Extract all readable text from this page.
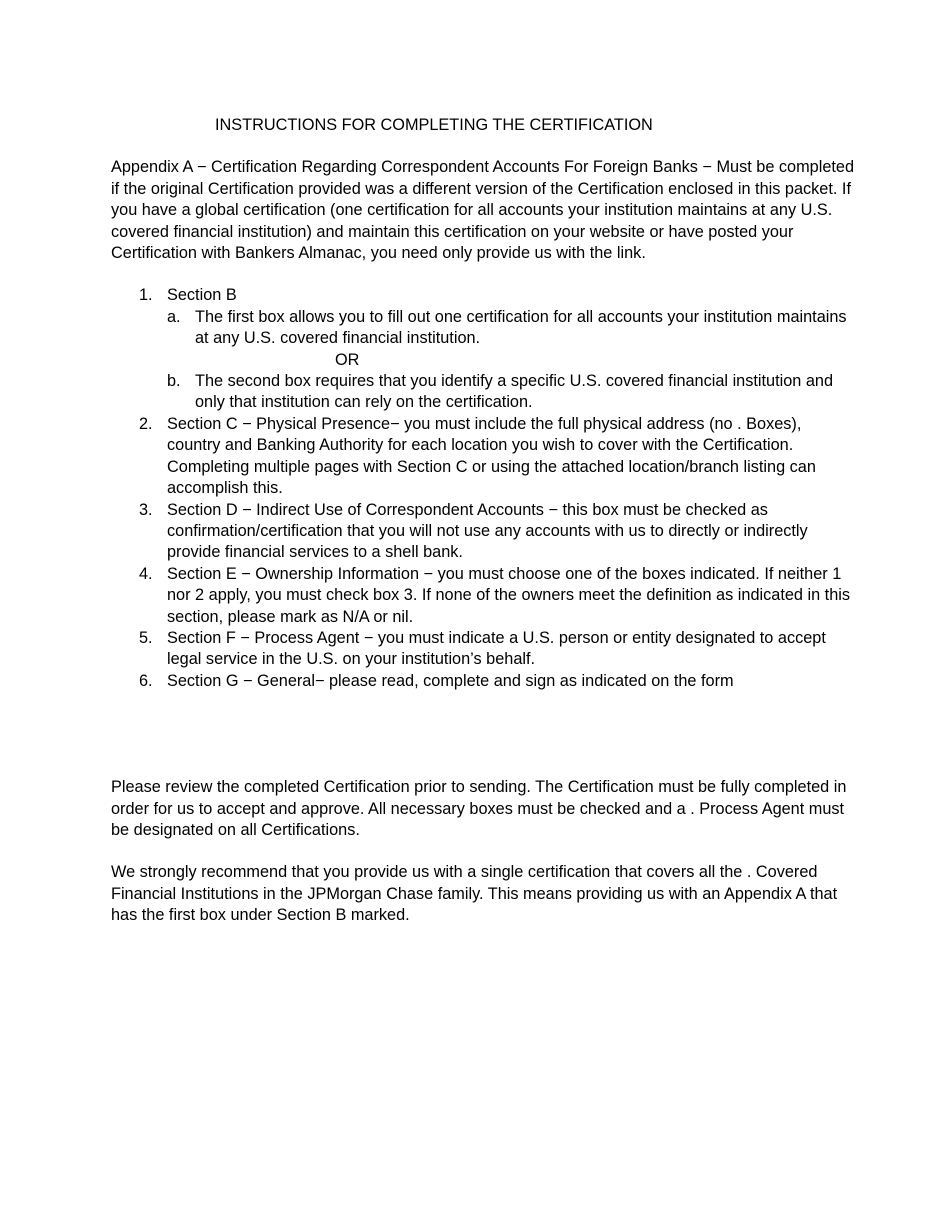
INSTRUCTIONS FOR COMPLETING THE CERTIFICATION

Appendix A − Certification Regarding Correspondent Accounts For Foreign Banks − Must be completed if the original Certification provided was a different version of the Certification enclosed in this packet. If you have a global certification (one certification for all accounts your institution maintains at any U.S. covered financial institution) and maintain this certification on your website or have posted your Certification with Bankers Almanac, you need only provide us with the link.

1. Section B
a. The first box allows you to fill out one certification for all accounts your institution maintains at any U.S. covered financial institution.
OR
b. The second box requires that you identify a specific U.S. covered financial institution and only that institution can rely on the certification.
2. Section C − Physical Presence− you must include the full physical address (no . Boxes), country and Banking Authority for each location you wish to cover with the Certification. Completing multiple pages with Section C or using the attached location/branch listing can accomplish this.
3. Section D − Indirect Use of Correspondent Accounts − this box must be checked as confirmation/certification that you will not use any accounts with us to directly or indirectly provide financial services to a shell bank.
4. Section E − Ownership Information − you must choose one of the boxes indicated. If neither 1 nor 2 apply, you must check box 3. If none of the owners meet the definition as indicated in this section, please mark as N/A or nil.
5. Section F − Process Agent − you must indicate a U.S. person or entity designated to accept legal service in the U.S. on your institution’s behalf.
6. Section G − General− please read, complete and sign as indicated on the form

Please review the completed Certification prior to sending. The Certification must be fully completed in order for us to accept and approve. All necessary boxes must be checked and a . Process Agent must be designated on all Certifications.

We strongly recommend that you provide us with a single certification that covers all the . Covered Financial Institutions in the JPMorgan Chase family. This means providing us with an Appendix A that has the first box under Section B marked.
